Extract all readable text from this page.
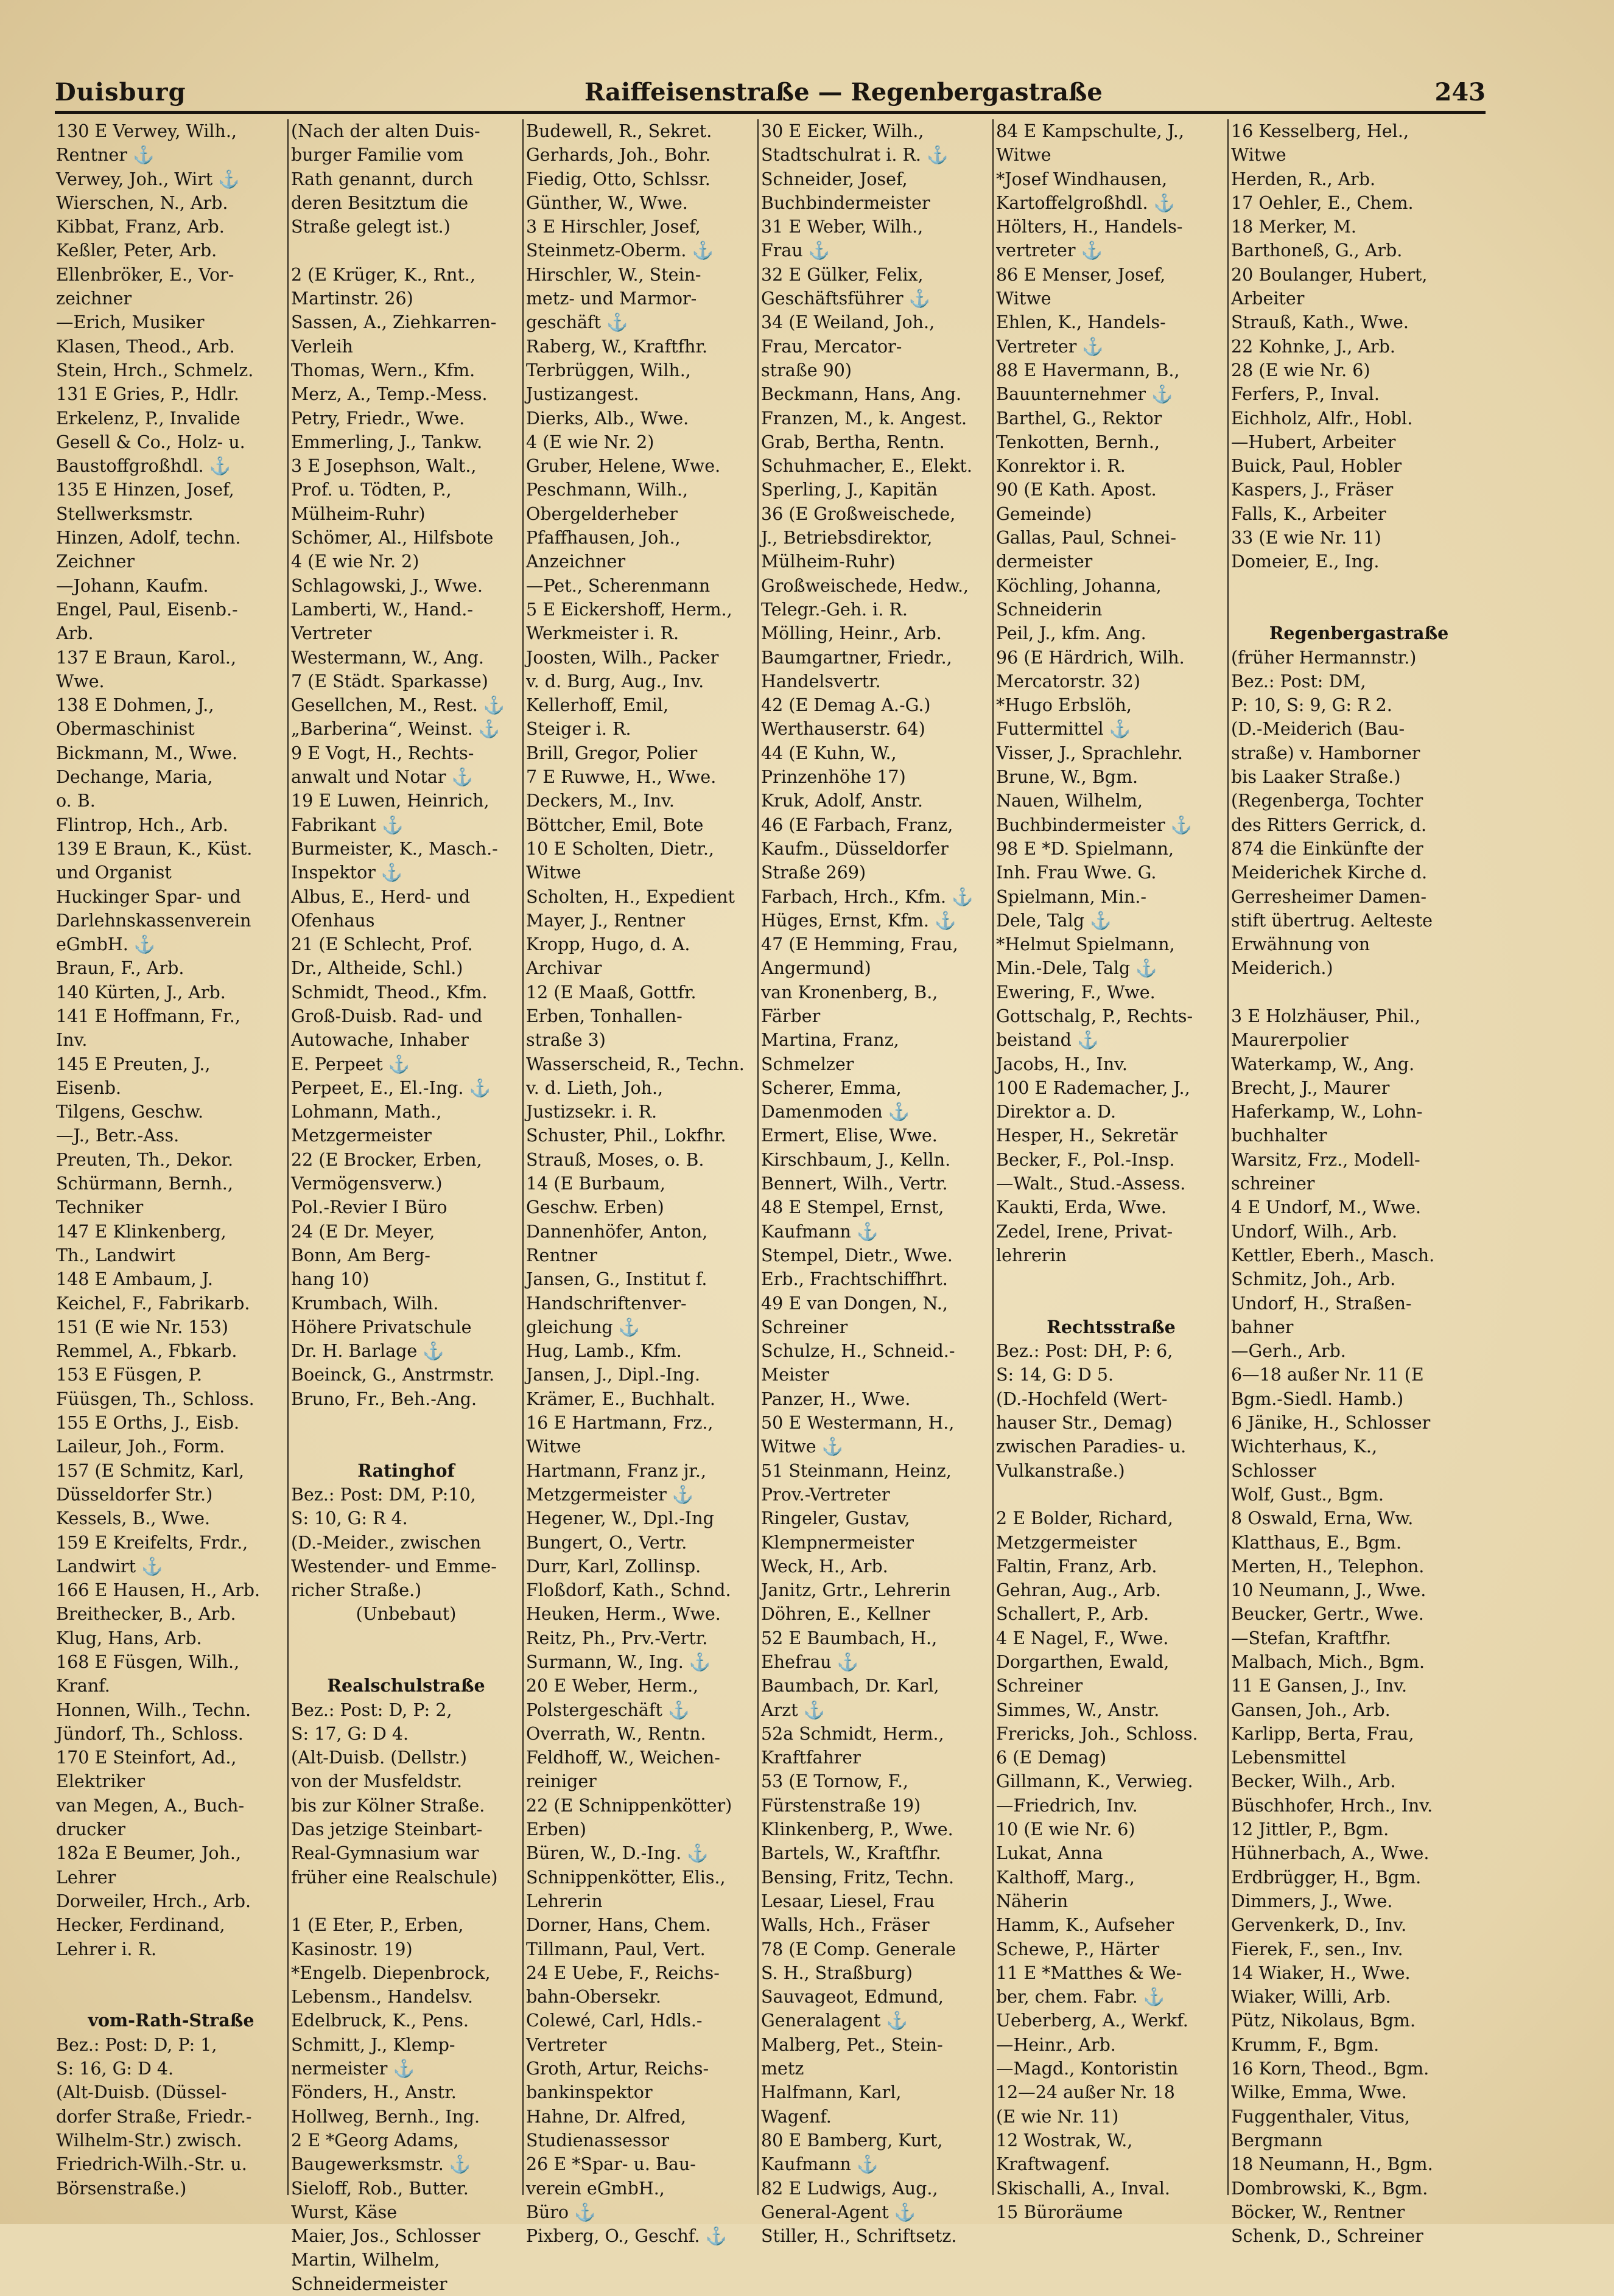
Duisburg	Raiffeisenstraße — Regenbergastraße	243
130 E Verwey, Wilh.,
Rentner ⚓
Verwey, Joh., Wirt ⚓
Wierschen, N., Arb.
Kibbat, Franz, Arb.
Keßler, Peter, Arb.
Ellenbröker, E., Vor-
zeichner
—Erich, Musiker
Klasen, Theod., Arb.
Stein, Hrch., Schmelz.
131 E Gries, P., Hdlr.
Erkelenz, P., Invalide
Gesell & Co., Holz- u.
Baustoffgroßhdl. ⚓
135 E Hinzen, Josef,
Stellwerksmstr.
Hinzen, Adolf, techn.
Zeichner
—Johann, Kaufm.
Engel, Paul, Eisenb.-
Arb.
137 E Braun, Karol.,
Wwe.
138 E Dohmen, J.,
Obermaschinist
Bickmann, M., Wwe.
Dechange, Maria,
o. B.
Flintrop, Hch., Arb.
139 E Braun, K., Küst.
und Organist
Huckinger Spar- und
Darlehnskassenverein
eGmbH. ⚓
Braun, F., Arb.
140 Kürten, J., Arb.
141 E Hoffmann, Fr.,
Inv.
145 E Preuten, J.,
Eisenb.
Tilgens, Geschw.
—J., Betr.-Ass.
Preuten, Th., Dekor.
Schürmann, Bernh.,
Techniker
147 E Klinkenberg,
Th., Landwirt
148 E Ambaum, J.
Keichel, F., Fabrikarb.
151 (E wie Nr. 153)
Remmel, A., Fbkarb.
153 E Füsgen, P.
Füüsgen, Th., Schloss.
155 E Orths, J., Eisb.
Laileur, Joh., Form.
157 (E Schmitz, Karl,
Düsseldorfer Str.)
Kessels, B., Wwe.
159 E Kreifelts, Frdr.,
Landwirt ⚓
166 E Hausen, H., Arb.
Breithecker, B., Arb.
Klug, Hans, Arb.
168 E Füsgen, Wilh.,
Kranf.
Honnen, Wilh., Techn.
Jündorf, Th., Schloss.
170 E Steinfort, Ad.,
Elektriker
van Megen, A., Buch-
drucker
182a E Beumer, Joh.,
Lehrer
Dorweiler, Hrch., Arb.
Hecker, Ferdinand,
Lehrer i. R.
vom-Rath-Straße
Bez.: Post: D, P: 1,
S: 16, G: D 4.
(Alt-Duisb. (Düssel-
dorfer Straße, Friedr.-
Wilhelm-Str.) zwisch.
Friedrich-Wilh.-Str. u.
Börsenstraße.)
(Nach der alten Duis-
burger Familie vom
Rath genannt, durch
deren Besitztum die
Straße gelegt ist.)
2 (E Krüger, K., Rnt.,
Martinstr. 26)
Sassen, A., Ziehkarren-
Verleih
Thomas, Wern., Kfm.
Merz, A., Temp.-Mess.
Petry, Friedr., Wwe.
Emmerling, J., Tankw.
3 E Josephson, Walt.,
Prof. u. Tödten, P.,
Mülheim-Ruhr)
Schömer, Al., Hilfsbote
4 (E wie Nr. 2)
Schlagowski, J., Wwe.
Lamberti, W., Hand.-
Vertreter
Westermann, W., Ang.
7 (E Städt. Sparkasse)
Gesellchen, M., Rest. ⚓
„Barberina“, Weinst. ⚓
9 E Vogt, H., Rechts-
anwalt und Notar ⚓
19 E Luwen, Heinrich,
Fabrikant ⚓
Burmeister, K., Masch.-
Inspektor ⚓
Albus, E., Herd- und
Ofenhaus
21 (E Schlecht, Prof.
Dr., Altheide, Schl.)
Schmidt, Theod., Kfm.
Groß-Duisb. Rad- und
Autowache, Inhaber
E. Perpeet ⚓
Perpeet, E., El.-Ing. ⚓
Lohmann, Math.,
Metzgermeister
22 (E Brocker, Erben,
Vermögensverw.)
Pol.-Revier I Büro
24 (E Dr. Meyer,
Bonn, Am Berg-
hang 10)
Krumbach, Wilh.
Höhere Privatschule
Dr. H. Barlage ⚓
Boeinck, G., Anstrmstr.
Bruno, Fr., Beh.-Ang.
Ratinghof
Bez.: Post: DM, P:10,
S: 10, G: R 4.
(D.-Meider., zwischen
Westender- und Emme-
richer Straße.)
(Unbebaut)
Realschulstraße
Bez.: Post: D, P: 2,
S: 17, G: D 4.
(Alt-Duisb. (Dellstr.)
von der Musfeldstr.
bis zur Kölner Straße.
Das jetzige Steinbart-
Real-Gymnasium war
früher eine Realschule)
1 (E Eter, P., Erben,
Kasinostr. 19)
*Engelb. Diepenbrock,
Lebensm., Handelsv.
Edelbruck, K., Pens.
Schmitt, J., Klemp-
nermeister ⚓
Fönders, H., Anstr.
Hollweg, Bernh., Ing.
2 E *Georg Adams,
Baugewerksmstr. ⚓
Sieloff, Rob., Butter.
Wurst, Käse
Maier, Jos., Schlosser
Martin, Wilhelm,
Schneidermeister
Budewell, R., Sekret.
Gerhards, Joh., Bohr.
Fiedig, Otto, Schlssr.
Günther, W., Wwe.
3 E Hirschler, Josef,
Steinmetz-Oberm. ⚓
Hirschler, W., Stein-
metz- und Marmor-
geschäft ⚓
Raberg, W., Kraftfhr.
Terbrüggen, Wilh.,
Justizangest.
Dierks, Alb., Wwe.
4 (E wie Nr. 2)
Gruber, Helene, Wwe.
Peschmann, Wilh.,
Obergelderheber
Pfaffhausen, Joh.,
Anzeichner
—Pet., Scherenmann
5 E Eickershoff, Herm.,
Werkmeister i. R.
Joosten, Wilh., Packer
v. d. Burg, Aug., Inv.
Kellerhoff, Emil,
Steiger i. R.
Brill, Gregor, Polier
7 E Ruwwe, H., Wwe.
Deckers, M., Inv.
Böttcher, Emil, Bote
10 E Scholten, Dietr.,
Witwe
Scholten, H., Expedient
Mayer, J., Rentner
Kropp, Hugo, d. A.
Archivar
12 (E Maaß, Gottfr.
Erben, Tonhallen-
straße 3)
Wasserscheid, R., Techn.
v. d. Lieth, Joh.,
Justizsekr. i. R.
Schuster, Phil., Lokfhr.
Strauß, Moses, o. B.
14 (E Burbaum,
Geschw. Erben)
Dannenhöfer, Anton,
Rentner
Jansen, G., Institut f.
Handschriftenver-
gleichung ⚓
Hug, Lamb., Kfm.
Jansen, J., Dipl.-Ing.
Krämer, E., Buchhalt.
16 E Hartmann, Frz.,
Witwe
Hartmann, Franz jr.,
Metzgermeister ⚓
Hegener, W., Dpl.-Ing
Bungert, O., Vertr.
Durr, Karl, Zollinsp.
Floßdorf, Kath., Schnd.
Heuken, Herm., Wwe.
Reitz, Ph., Prv.-Vertr.
Surmann, W., Ing. ⚓
20 E Weber, Herm.,
Polstergeschäft ⚓
Overrath, W., Rentn.
Feldhoff, W., Weichen-
reiniger
22 (E Schnippenkötter)
Erben)
Büren, W., D.-Ing. ⚓
Schnippenkötter, Elis.,
Lehrerin
Dorner, Hans, Chem.
Tillmann, Paul, Vert.
24 E Uebe, F., Reichs-
bahn-Obersekr.
Colewé, Carl, Hdls.-
Vertreter
Groth, Artur, Reichs-
bankinspektor
Hahne, Dr. Alfred,
Studienassessor
26 E *Spar- u. Bau-
verein eGmbH.,
Büro ⚓
Pixberg, O., Geschf. ⚓
30 E Eicker, Wilh.,
Stadtschulrat i. R. ⚓
Schneider, Josef,
Buchbindermeister
31 E Weber, Wilh.,
Frau ⚓
32 E Gülker, Felix,
Geschäftsführer ⚓
34 (E Weiland, Joh.,
Frau, Mercator-
straße 90)
Beckmann, Hans, Ang.
Franzen, M., k. Angest.
Grab, Bertha, Rentn.
Schuhmacher, E., Elekt.
Sperling, J., Kapitän
36 (E Großweischede,
J., Betriebsdirektor,
Mülheim-Ruhr)
Großweischede, Hedw.,
Telegr.-Geh. i. R.
Mölling, Heinr., Arb.
Baumgartner, Friedr.,
Handelsvertr.
42 (E Demag A.-G.)
Werthauserstr. 64)
44 (E Kuhn, W.,
Prinzenhöhe 17)
Kruk, Adolf, Anstr.
46 (E Farbach, Franz,
Kaufm., Düsseldorfer
Straße 269)
Farbach, Hrch., Kfm. ⚓
Hüges, Ernst, Kfm. ⚓
47 (E Hemming, Frau,
Angermund)
van Kronenberg, B.,
Färber
Martina, Franz,
Schmelzer
Scherer, Emma,
Damenmoden ⚓
Ermert, Elise, Wwe.
Kirschbaum, J., Kelln.
Bennert, Wilh., Vertr.
48 E Stempel, Ernst,
Kaufmann ⚓
Stempel, Dietr., Wwe.
Erb., Frachtschiffhrt.
49 E van Dongen, N.,
Schreiner
Schulze, H., Schneid.-
Meister
Panzer, H., Wwe.
50 E Westermann, H.,
Witwe ⚓
51 Steinmann, Heinz,
Prov.-Vertreter
Ringeler, Gustav,
Klempnermeister
Weck, H., Arb.
Janitz, Grtr., Lehrerin
Döhren, E., Kellner
52 E Baumbach, H.,
Ehefrau ⚓
Baumbach, Dr. Karl,
Arzt ⚓
52a Schmidt, Herm.,
Kraftfahrer
53 (E Tornow, F.,
Fürstenstraße 19)
Klinkenberg, P., Wwe.
Bartels, W., Kraftfhr.
Bensing, Fritz, Techn.
Lesaar, Liesel, Frau
Walls, Hch., Fräser
78 (E Comp. Generale
S. H., Straßburg)
Sauvageot, Edmund,
Generalagent ⚓
Malberg, Pet., Stein-
metz
Halfmann, Karl,
Wagenf.
80 E Bamberg, Kurt,
Kaufmann ⚓
82 E Ludwigs, Aug.,
General-Agent ⚓
Stiller, H., Schriftsetz.
84 E Kampschulte, J.,
Witwe
*Josef Windhausen,
Kartoffelgroßhdl. ⚓
Hölters, H., Handels-
vertreter ⚓
86 E Menser, Josef,
Witwe
Ehlen, K., Handels-
Vertreter ⚓
88 E Havermann, B.,
Bauunternehmer ⚓
Barthel, G., Rektor
Tenkotten, Bernh.,
Konrektor i. R.
90 (E Kath. Apost.
Gemeinde)
Gallas, Paul, Schnei-
dermeister
Köchling, Johanna,
Schneiderin
Peil, J., kfm. Ang.
96 (E Härdrich, Wilh.
Mercatorstr. 32)
*Hugo Erbslöh,
Futtermittel ⚓
Visser, J., Sprachlehr.
Brune, W., Bgm.
Nauen, Wilhelm,
Buchbindermeister ⚓
98 E *D. Spielmann,
Inh. Frau Wwe. G.
Spielmann, Min.-
Dele, Talg ⚓
*Helmut Spielmann,
Min.-Dele, Talg ⚓
Ewering, F., Wwe.
Gottschalg, P., Rechts-
beistand ⚓
Jacobs, H., Inv.
100 E Rademacher, J.,
Direktor a. D.
Hesper, H., Sekretär
Becker, F., Pol.-Insp.
—Walt., Stud.-Assess.
Kaukti, Erda, Wwe.
Zedel, Irene, Privat-
lehrerin
Rechtsstraße
Bez.: Post: DH, P: 6,
S: 14, G: D 5.
(D.-Hochfeld (Wert-
hauser Str., Demag)
zwischen Paradies- u.
Vulkanstraße.)
2 E Bolder, Richard,
Metzgermeister
Faltin, Franz, Arb.
Gehran, Aug., Arb.
Schallert, P., Arb.
4 E Nagel, F., Wwe.
Dorgarthen, Ewald,
Schreiner
Simmes, W., Anstr.
Frericks, Joh., Schloss.
6 (E Demag)
Gillmann, K., Verwieg.
—Friedrich, Inv.
10 (E wie Nr. 6)
Lukat, Anna
Kalthoff, Marg.,
Näherin
Hamm, K., Aufseher
Schewe, P., Härter
11 E *Matthes & We-
ber, chem. Fabr. ⚓
Ueberberg, A., Werkf.
—Heinr., Arb.
—Magd., Kontoristin
12—24 außer Nr. 18
(E wie Nr. 11)
12 Wostrak, W.,
Kraftwagenf.
Skischalli, A., Inval.
15 Büroräume
16 Kesselberg, Hel.,
Witwe
Herden, R., Arb.
17 Oehler, E., Chem.
18 Merker, M.
Barthoneß, G., Arb.
20 Boulanger, Hubert,
Arbeiter
Strauß, Kath., Wwe.
22 Kohnke, J., Arb.
28 (E wie Nr. 6)
Ferfers, P., Inval.
Eichholz, Alfr., Hobl.
—Hubert, Arbeiter
Buick, Paul, Hobler
Kaspers, J., Fräser
Falls, K., Arbeiter
33 (E wie Nr. 11)
Domeier, E., Ing.
Regenbergastraße
(früher Hermannstr.)
Bez.: Post: DM,
P: 10, S: 9, G: R 2.
(D.-Meiderich (Bau-
straße) v. Hamborner
bis Laaker Straße.)
(Regenberga, Tochter
des Ritters Gerrick, d.
874 die Einkünfte der
Meiderichek Kirche d.
Gerresheimer Damen-
stift übertrug. Aelteste
Erwähnung von
Meiderich.)
3 E Holzhäuser, Phil.,
Maurerpolier
Waterkamp, W., Ang.
Brecht, J., Maurer
Haferkamp, W., Lohn-
buchhalter
Warsitz, Frz., Modell-
schreiner
4 E Undorf, M., Wwe.
Undorf, Wilh., Arb.
Kettler, Eberh., Masch.
Schmitz, Joh., Arb.
Undorf, H., Straßen-
bahner
—Gerh., Arb.
6—18 außer Nr. 11 (E
Bgm.-Siedl. Hamb.)
6 Jänike, H., Schlosser
Wichterhaus, K.,
Schlosser
Wolf, Gust., Bgm.
8 Oswald, Erna, Ww.
Klatthaus, E., Bgm.
Merten, H., Telephon.
10 Neumann, J., Wwe.
Beucker, Gertr., Wwe.
—Stefan, Kraftfhr.
Malbach, Mich., Bgm.
11 E Gansen, J., Inv.
Gansen, Joh., Arb.
Karlipp, Berta, Frau,
Lebensmittel
Becker, Wilh., Arb.
Büschhofer, Hrch., Inv.
12 Jittler, P., Bgm.
Hühnerbach, A., Wwe.
Erdbrügger, H., Bgm.
Dimmers, J., Wwe.
Gervenkerk, D., Inv.
Fierek, F., sen., Inv.
14 Wiaker, H., Wwe.
Wiaker, Willi, Arb.
Pütz, Nikolaus, Bgm.
Krumm, F., Bgm.
16 Korn, Theod., Bgm.
Wilke, Emma, Wwe.
Fuggenthaler, Vitus,
Bergmann
18 Neumann, H., Bgm.
Dombrowski, K., Bgm.
Böcker, W., Rentner
Schenk, D., Schreiner
